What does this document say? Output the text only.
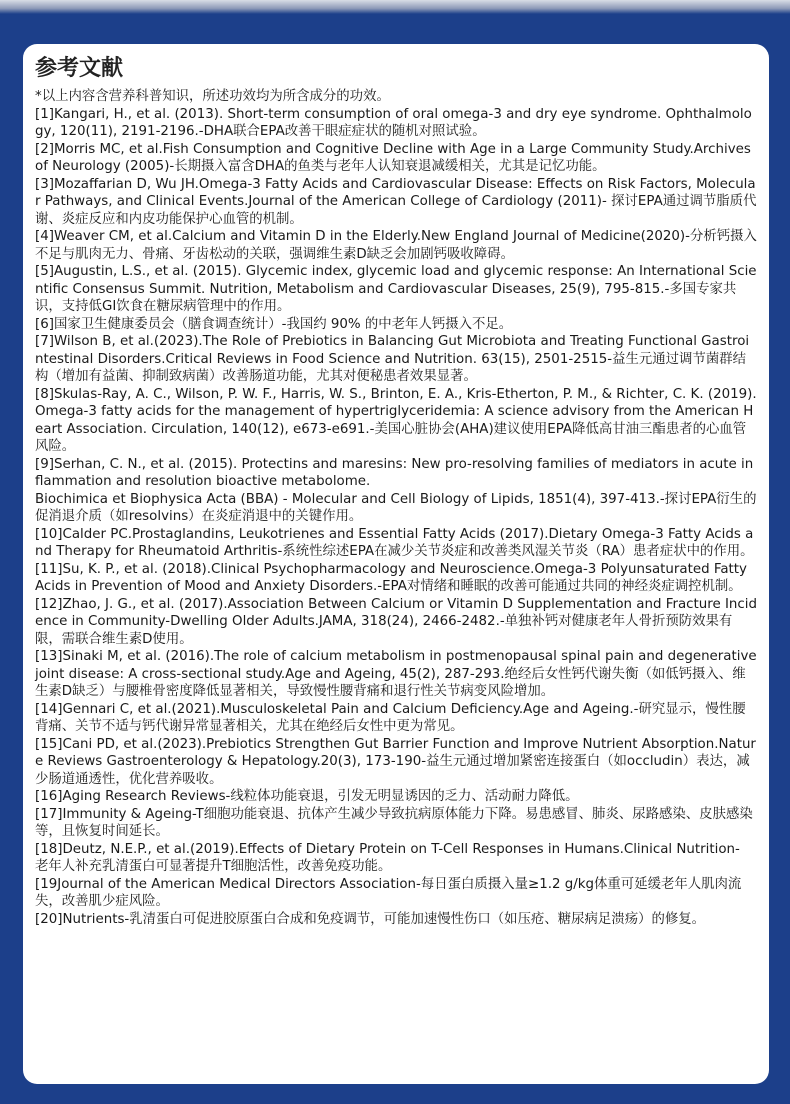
参考文献

*以上内容含营养科普知识，所述功效均为所含成分的功效。

[1]Kangari, H., et al. (2013). Short-term consumption of oral omega-3 and dry eye syndrome. Ophthalmology, 120(11), 2191-2196.-DHA联合EPA改善干眼症症状的随机对照试验。

[2]Morris MC, et al.Fish Consumption and Cognitive Decline with Age in a Large Community Study.Archives of Neurology (2005)-长期摄入富含DHA的鱼类与老年人认知衰退减缓相关，尤其是记忆功能。

[3]Mozaffarian D, Wu JH.Omega-3 Fatty Acids and Cardiovascular Disease: Effects on Risk Factors, Molecular Pathways, and Clinical Events.Journal of the American College of Cardiology (2011)- 探讨EPA通过调节脂质代谢、炎症反应和内皮功能保护心血管的机制。

[4]Weaver CM, et al.Calcium and Vitamin D in the Elderly.New England Journal of Medicine(2020)-分析钙摄入不足与肌肉无力、骨痛、牙齿松动的关联，强调维生素D缺乏会加剧钙吸收障碍。

[5]Augustin, L.S., et al. (2015). Glycemic index, glycemic load and glycemic response: An International Scientific Consensus Summit. Nutrition, Metabolism and Cardiovascular Diseases, 25(9), 795-815.-多国专家共识，支持低GI饮食在糖尿病管理中的作用。

[6]国家卫生健康委员会（膳食调查统计）-我国约 90% 的中老年人钙摄入不足。

[7]Wilson B, et al.(2023).The Role of Prebiotics in Balancing Gut Microbiota and Treating Functional Gastrointestinal Disorders.Critical Reviews in Food Science and Nutrition. 63(15), 2501-2515-益生元通过调节菌群结构（增加有益菌、抑制致病菌）改善肠道功能，尤其对便秘患者效果显著。

[8]Skulas-Ray, A. C., Wilson, P. W. F., Harris, W. S., Brinton, E. A., Kris-Etherton, P. M., & Richter, C. K. (2019). Omega-3 fatty acids for the management of hypertriglyceridemia: A science advisory from the American Heart Association. Circulation, 140(12), e673-e691.-美国心脏协会(AHA)建议使用EPA降低高甘油三酯患者的心血管风险。

[9]Serhan, C. N., et al. (2015). Protectins and maresins: New pro-resolving families of mediators in acute inflammation and resolution bioactive metabolome.

Biochimica et Biophysica Acta (BBA) - Molecular and Cell Biology of Lipids, 1851(4), 397-413.-探讨EPA衍生的促消退介质（如resolvins）在炎症消退中的关键作用。

[10]Calder PC.Prostaglandins, Leukotrienes and Essential Fatty Acids (2017).Dietary Omega-3 Fatty Acids and Therapy for Rheumatoid Arthritis-系统性综述EPA在减少关节炎症和改善类风湿关节炎（RA）患者症状中的作用。

[11]Su, K. P., et al. (2018).Clinical Psychopharmacology and Neuroscience.Omega-3 Polyunsaturated Fatty Acids in Prevention of Mood and Anxiety Disorders.-EPA对情绪和睡眠的改善可能通过共同的神经炎症调控机制。

[12]Zhao, J. G., et al. (2017).Association Between Calcium or Vitamin D Supplementation and Fracture Incidence in Community-Dwelling Older Adults.JAMA, 318(24), 2466-2482.-单独补钙对健康老年人骨折预防效果有限，需联合维生素D使用。

[13]Sinaki M, et al. (2016).The role of calcium metabolism in postmenopausal spinal pain and degenerative joint disease: A cross-sectional study.Age and Ageing, 45(2), 287-293.绝经后女性钙代谢失衡（如低钙摄入、维生素D缺乏）与腰椎骨密度降低显著相关，导致慢性腰背痛和退行性关节病变风险增加。

[14]Gennari C, et al.(2021).Musculoskeletal Pain and Calcium Deficiency.Age and Ageing.-研究显示，慢性腰背痛、关节不适与钙代谢异常显著相关，尤其在绝经后女性中更为常见。

[15]Cani PD, et al.(2023).Prebiotics Strengthen Gut Barrier Function and Improve Nutrient Absorption.Nature Reviews Gastroenterology & Hepatology.20(3), 173-190-益生元通过增加紧密连接蛋白（如occludin）表达，减少肠道通透性，优化营养吸收。

[16]Aging Research Reviews-线粒体功能衰退，引发无明显诱因的乏力、活动耐力降低。

[17]Immunity & Ageing-T细胞功能衰退、抗体产生减少导致抗病原体能力下降。易患感冒、肺炎、尿路感染、皮肤感染等，且恢复时间延长。

[18]Deutz, N.E.P., et al.(2019).Effects of Dietary Protein on T-Cell Responses in Humans.Clinical Nutrition- 老年人补充乳清蛋白可显著提升T细胞活性，改善免疫功能。

[19Journal of the American Medical Directors Association-每日蛋白质摄入量≥1.2 g/kg体重可延缓老年人肌肉流失，改善肌少症风险。

[20]Nutrients-乳清蛋白可促进胶原蛋白合成和免疫调节，可能加速慢性伤口（如压疮、糖尿病足溃疡）的修复。
